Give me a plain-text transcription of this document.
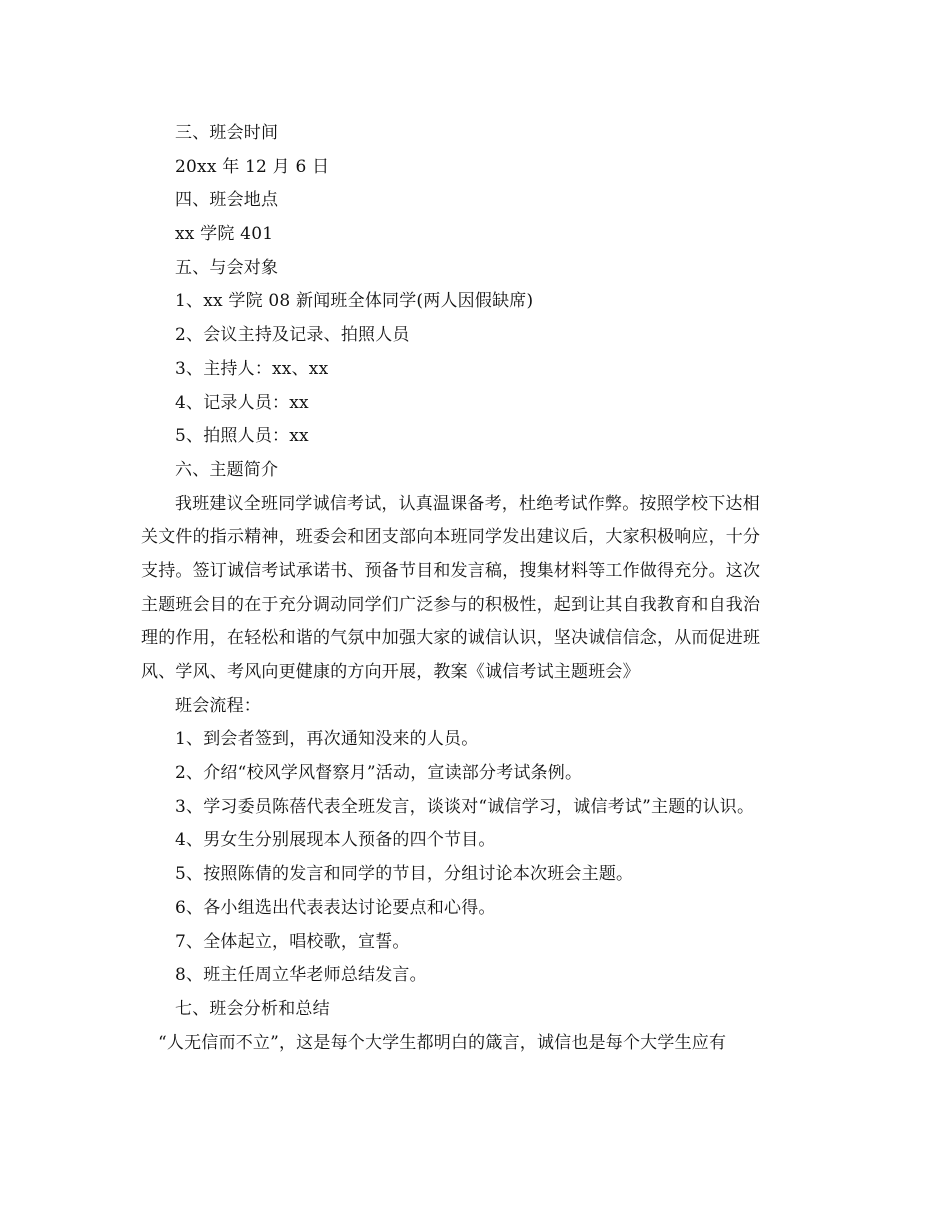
三、班会时间
20xx 年 12 月 6 日
四、班会地点
xx 学院 401
五、与会对象
1、xx 学院 08 新闻班全体同学(两人因假缺席)
2、会议主持及记录、拍照人员
3、主持人：xx、xx
4、记录人员：xx
5、拍照人员：xx
六、主题简介
我班建议全班同学诚信考试，认真温课备考，杜绝考试作弊。按照学校下达相
关文件的指示精神，班委会和团支部向本班同学发出建议后，大家积极响应，十分
支持。签订诚信考试承诺书、预备节目和发言稿，搜集材料等工作做得充分。这次
主题班会目的在于充分调动同学们广泛参与的积极性，起到让其自我教育和自我治
理的作用，在轻松和谐的气氛中加强大家的诚信认识，坚决诚信信念，从而促进班
风、学风、考风向更健康的方向开展，教案《诚信考试主题班会》
班会流程：
1、到会者签到，再次通知没来的人员。
2、介绍“校风学风督察月”活动，宣读部分考试条例。
3、学习委员陈蓓代表全班发言，谈谈对“诚信学习，诚信考试”主题的认识。
4、男女生分别展现本人预备的四个节目。
5、按照陈倩的发言和同学的节目，分组讨论本次班会主题。
6、各小组选出代表表达讨论要点和心得。
7、全体起立，唱校歌，宣誓。
8、班主任周立华老师总结发言。
七、班会分析和总结
“人无信而不立”，这是每个大学生都明白的箴言，诚信也是每个大学生应有
